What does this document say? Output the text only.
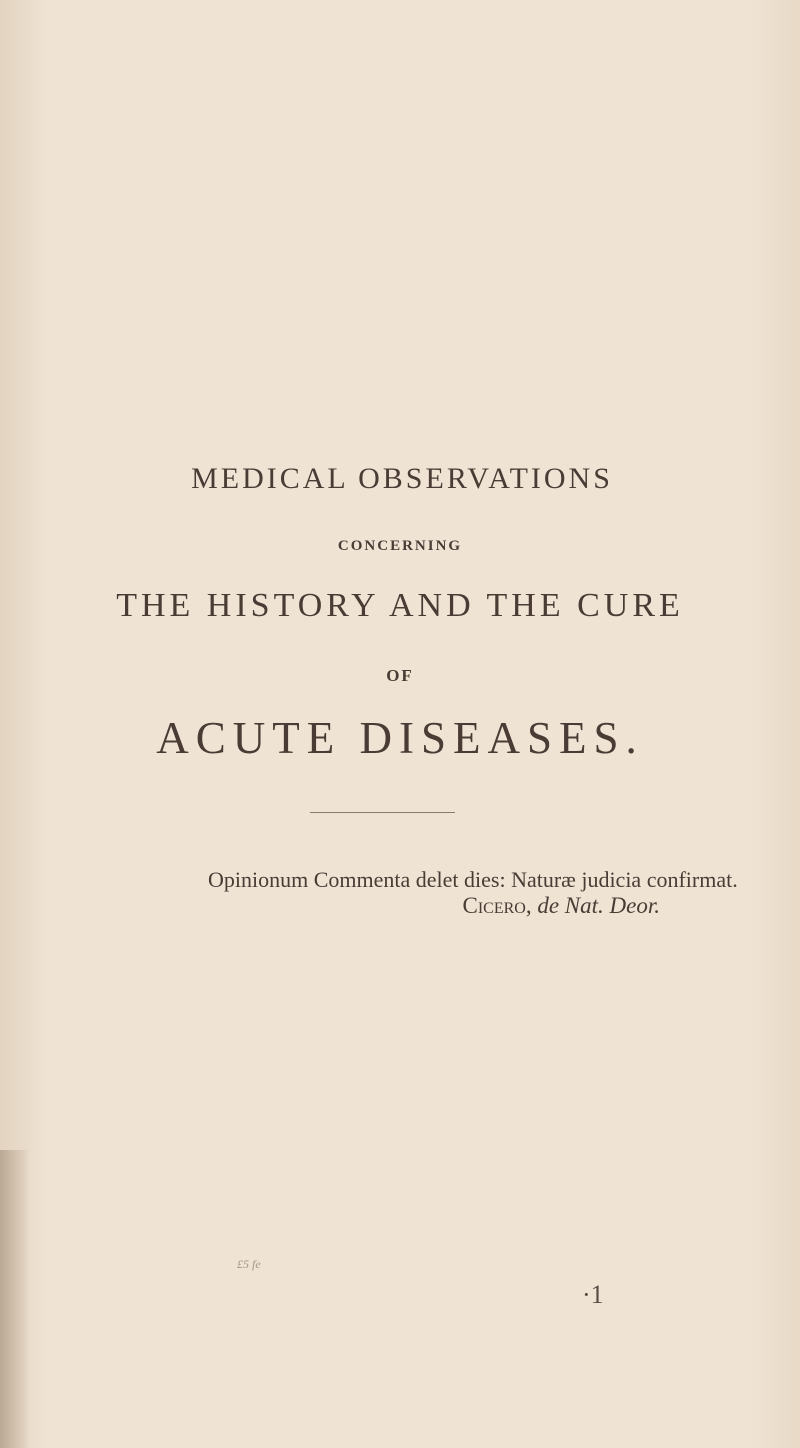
MEDICAL OBSERVATIONS
CONCERNING
THE HISTORY AND THE CURE
OF
ACUTE DISEASES.
Opinionum Commenta delet dies: Naturæ judicia confirmat.
Cicero, de Nat. Deor.
£5 fe
·1
